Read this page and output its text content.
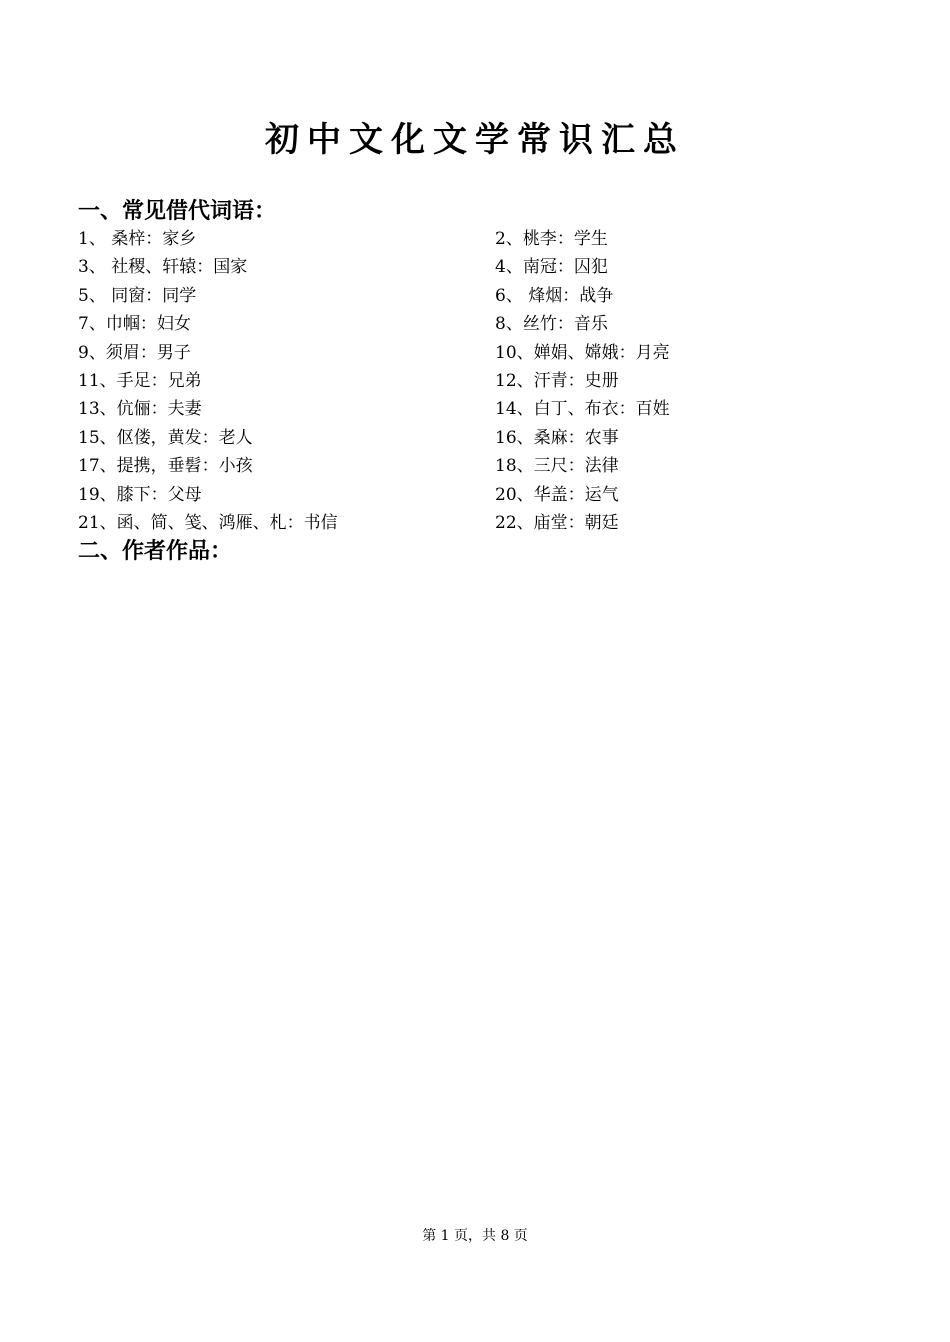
初中文化文学常识汇总
一、常见借代词语：
1、 桑梓：家乡	2、桃李：学生
3、 社稷、轩辕：国家	4、南冠：囚犯
5、 同窗：同学	6、 烽烟：战争
7、巾帼：妇女	8、丝竹：音乐
9、须眉：男子	10、婵娟、嫦娥：月亮
11、手足：兄弟	12、汗青：史册
13、伉俪：夫妻	14、白丁、布衣：百姓
15、伛偻，黄发：老人	16、桑麻：农事
17、提携，垂髫：小孩	18、三尺：法律
19、膝下：父母	20、华盖：运气
21、函、简、笺、鸿雁、札：书信	22、庙堂：朝廷
二、作者作品：
第 1 页，共 8 页
